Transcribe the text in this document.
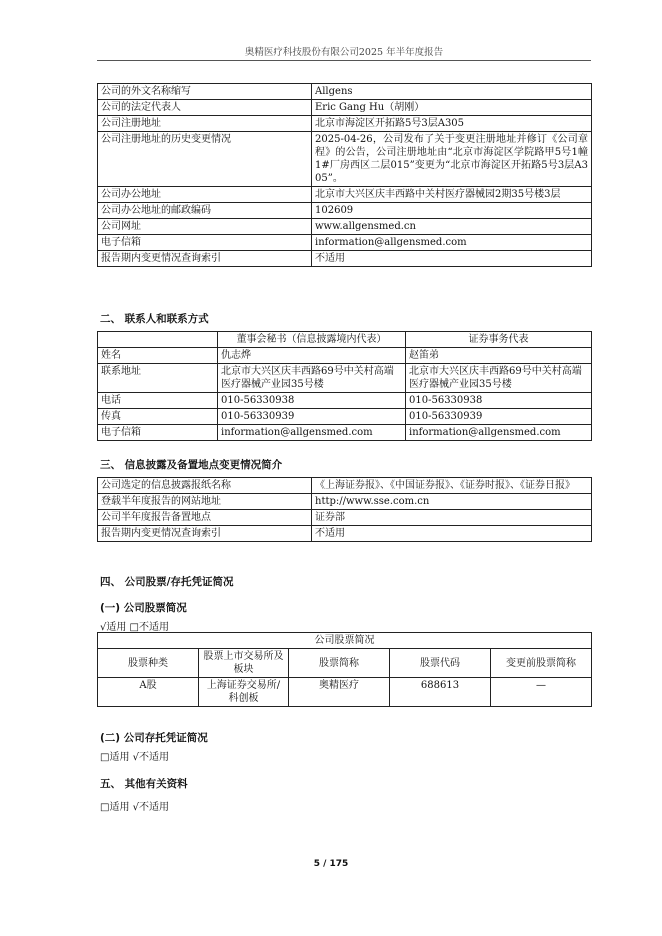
奥精医疗科技股份有限公司2025 年半年度报告
公司的外文名称缩写	Allgens
公司的法定代表人	Eric Gang Hu（胡刚）
公司注册地址	北京市海淀区开拓路5号3层A305
公司注册地址的历史变更情况	2025-04-26，公司发布了关于变更注册地址并修订《公司章程》的公告，公司注册地址由“北京市海淀区学院路甲5号1幢1#厂房西区二层015”变更为“北京市海淀区开拓路5号3层A305”。
公司办公地址	北京市大兴区庆丰西路中关村医疗器械园2期35号楼3层
公司办公地址的邮政编码	102609
公司网址	www.allgensmed.cn
电子信箱	information@allgensmed.com
报告期内变更情况查询索引	不适用
二、 联系人和联系方式
	董事会秘书（信息披露境内代表）	证券事务代表
姓名	仇志烨	赵笛弟
联系地址	北京市大兴区庆丰西路69号中关村高端医疗器械产业园35号楼	北京市大兴区庆丰西路69号中关村高端医疗器械产业园35号楼
电话	010-56330938	010-56330938
传真	010-56330939	010-56330939
电子信箱	information@allgensmed.com	information@allgensmed.com
三、 信息披露及备置地点变更情况简介
公司选定的信息披露报纸名称	《上海证券报》、《中国证券报》、《证券时报》、《证券日报》
登载半年度报告的网站地址	http://www.sse.com.cn
公司半年度报告备置地点	证券部
报告期内变更情况查询索引	不适用
四、 公司股票/存托凭证简况
(一) 公司股票简况
√适用 □不适用
公司股票简况				
股票种类	股票上市交易所及板块	股票简称	股票代码	变更前股票简称
A股	上海证券交易所/科创板	奥精医疗	688613	—
(二) 公司存托凭证简况
□适用 √不适用
五、 其他有关资料
□适用 √不适用
5 / 175
